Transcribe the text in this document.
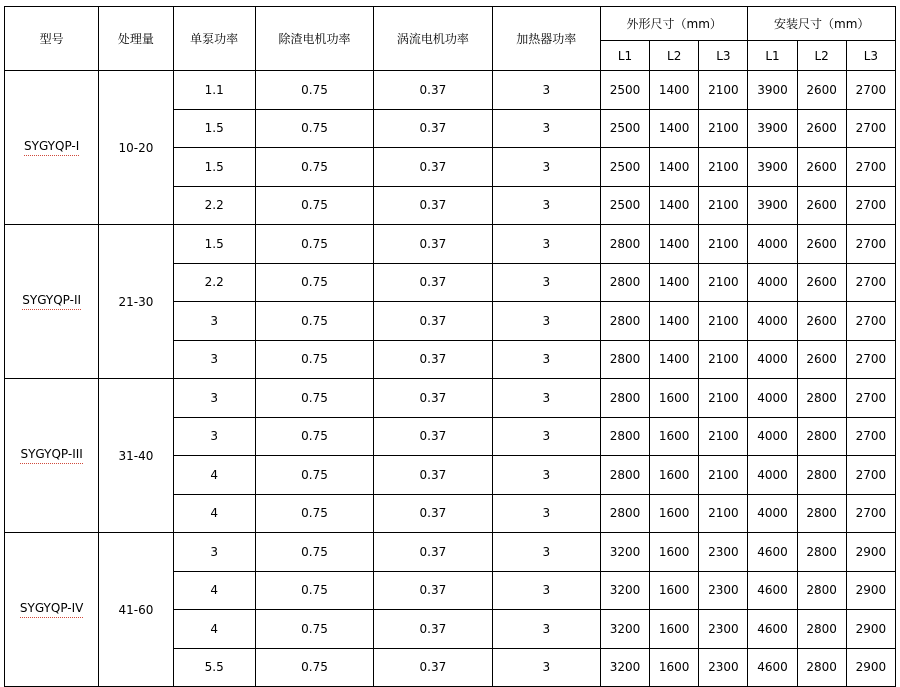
型号	处理量	单泵功率	除渣电机功率	涡流电机功率	加热器功率	外形尺寸（mm）			安装尺寸（mm）		
						L1	L2	L3	L1	L2	L3
SYGYQP-I	10-20	1.1	0.75	0.37	3	2500	1400	2100	3900	2600	2700
		1.5	0.75	0.37	3	2500	1400	2100	3900	2600	2700
		1.5	0.75	0.37	3	2500	1400	2100	3900	2600	2700
		2.2	0.75	0.37	3	2500	1400	2100	3900	2600	2700
SYGYQP-II	21-30	1.5	0.75	0.37	3	2800	1400	2100	4000	2600	2700
		2.2	0.75	0.37	3	2800	1400	2100	4000	2600	2700
		3	0.75	0.37	3	2800	1400	2100	4000	2600	2700
		3	0.75	0.37	3	2800	1400	2100	4000	2600	2700
SYGYQP-III	31-40	3	0.75	0.37	3	2800	1600	2100	4000	2800	2700
		3	0.75	0.37	3	2800	1600	2100	4000	2800	2700
		4	0.75	0.37	3	2800	1600	2100	4000	2800	2700
		4	0.75	0.37	3	2800	1600	2100	4000	2800	2700
SYGYQP-IV	41-60	3	0.75	0.37	3	3200	1600	2300	4600	2800	2900
		4	0.75	0.37	3	3200	1600	2300	4600	2800	2900
		4	0.75	0.37	3	3200	1600	2300	4600	2800	2900
		5.5	0.75	0.37	3	3200	1600	2300	4600	2800	2900
